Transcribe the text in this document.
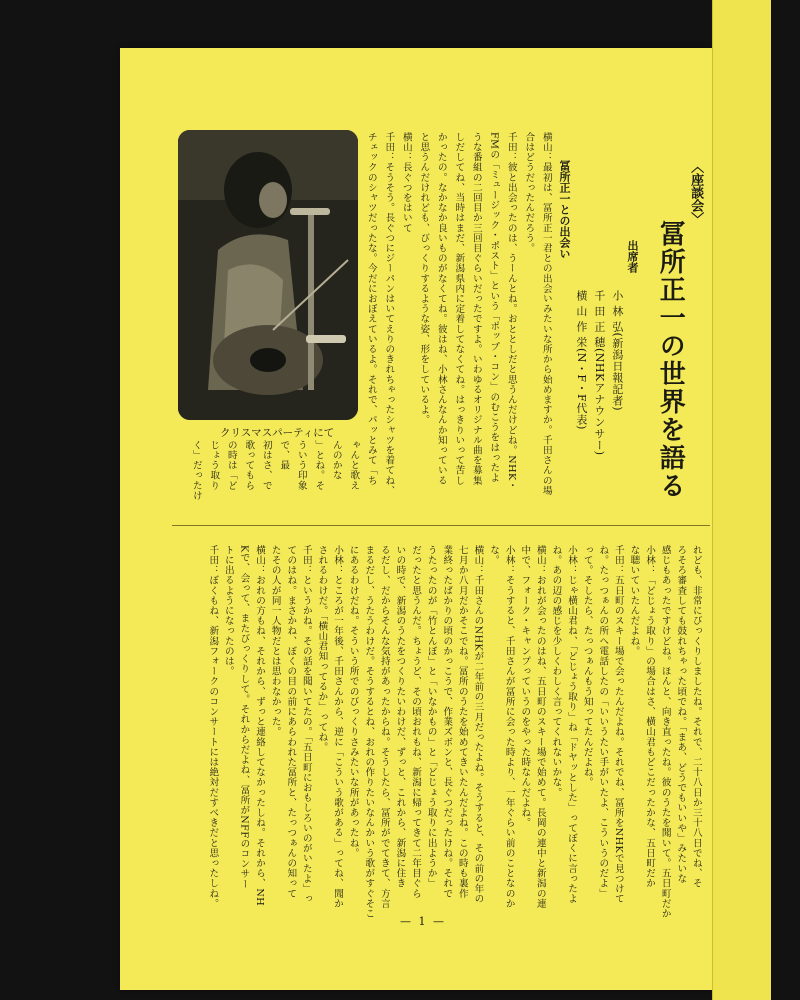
〈座談会〉
冨所正一の世界を語る
出席者
小 林 弘(新潟日報記者)
千 田 正 穂(NHKアナウンサー)
横 山 作 栄(N・F・F代表)
冨所正一との出会い
横山：最初は、冨所正一君との出会いみたいな所から始めますか。千田さんの場
合はどうだったんだろう。
千田：彼と出会ったのは、うーんとね。おととしだと思うんだけどね。NHK・
FMの「ミュージック・ポスト」という「ポップ・コン」のむこうをはったよ
うな番組の二回目か三回目ぐらいだったですよ。いわゆるオリジナル曲を募集
しだしてね、当時はまだ、新潟県内に定着してなくてね。はっきりいって苦し
かったの。なかなか良いものがなくてね。彼はね、小林さんなんか知っている
と思うんだけれども、びっくりするような姿、形をしているよ。
横山：長ぐつをはいて
千田：そうそう。長ぐつにジーパンはいてえりのきれちゃったシャツを着てね、
チェックのシャツだったな。今だにおぼえているよ。それで、パッとみて「ち
ゃんと歌え
んのかな
」とね。そ
ういう印象
で、最
初はさ、で
歌ってもら
の時は「ど
じょう取り
く」だったけ
クリスマスパーティにて
れども、非常にびっくりしましたね。それで、二十八日か三十八日でね、そ
ろそろ審査しても鼓れちゃった頃でね。「まあ、どうでもいいや」みたいな
感じもあったですけどね。ほんと、向き直ったね。彼のうたを聞いて。五日町だか
小林：「どじょう取り」の場合はさ、横山君もどこだったかな、五日町だか
な聴いていたんだよね。
千田：五日町のスキー場で会ったんだよね。それでね、冨所をNHKで見つけて
ね。たっつぁんの所へ電話したの「いいうたい手がいたよ、こういうのだよ」
って。そしたら、たっつぁんもう知ってたんだよね。
小林：じゃ横山君ね、「どじょう取り」ね「ドヤッとした」ってぼくに言ったよ
ね。あの辺の感じを少しくわしく言ってくれないかな。
横山：おれが会ったのはね、五日町のスキー場で始めて。長岡の連中と新潟の連
中で、フォーク・キャンプっていうのをやった時なんだよね。
小林：そうすると、千田さんが冨所に会った時より、一年ぐらい前のことなのか
な。
横山：千田さんのNHKが二年前の三月だったよね。そうすると、その前の年の
七月か八月だかそこでね。冨所のうたを始めてきいたんだよね。この時も裏作
業終ったばかりの頃のかっこうで、作業ズボンと、長ぐつだったけね。それで
うたったのが「竹とんぼ」と「いなかもの」と「どじょう取りに出ようか」
だったと思うんだ。ちょうど、その頃おれもね、新潟に帰ってきて二年目ぐら
いの時で、新潟のうたをつくりたいわけだ、ずっと、これから、新潟に住き
るだし、だからそんな気持があったからね。そうしたら、冨所がでてきて、方言
まるだし、うたうわけだ。そうするとね、おれの作りたいなんかいう歌がすぐそこ
にあるわけだね。そういう所でのびっくりさみたいな所があったね。
小林：ところが一年後、千田さんから、逆に「こういう歌がある」ってね、聞か
されるわけだ。「横山君知ってるか」ってね。
千田：というかね。その話を聞いてたの。「五日町におもしろいのがいたよ」っ
てのはね。まさかね、ぼくの目の前にあらわれた冨所と、たっつぁんの知って
たその人が同一人物だとは思わなかった。
横山：おれの方もね、それから、ずっと連絡してなかったしね。それから、NH
Kで、会って、またびっくりして。それからだよね、冨所がNFFのコンサー
トに出るようになったのは。
千田：ぼくもね、新潟フォークのコンサートには絶対だすべきだと思ったしね。
— 1 —
